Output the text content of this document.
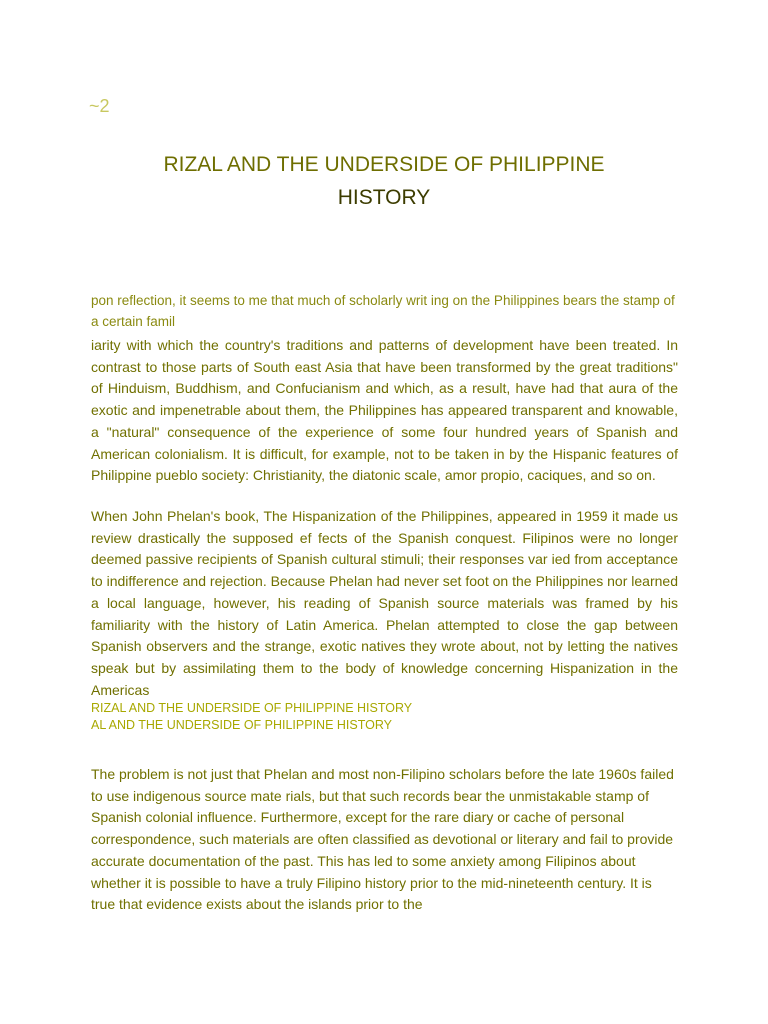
~2
RIZAL AND THE UNDERSIDE OF PHILIPPINE
HISTORY

pon reflection, it seems to me that much of scholarly writ ing on the Philippines bears the stamp of a certain famil

iarity with which the country's traditions and patterns of development have been treated. In contrast to those parts of South east Asia that have been transformed by the great traditions" of Hinduism, Buddhism, and Confucianism and which, as a result, have had that aura of the exotic and impenetrable about them, the Philippines has appeared transparent and knowable, a "natural" consequence of the experience of some four hundred years of Spanish and American colonialism. It is difficult, for example, not to be taken in by the Hispanic features of Philippine pueblo society: Christianity, the diatonic scale, amor propio, caciques, and so on.

When John Phelan's book, The Hispanization of the Philippines, appeared in 1959 it made us review drastically the supposed ef fects of the Spanish conquest. Filipinos were no longer deemed passive recipients of Spanish cultural stimuli; their responses var ied from acceptance to indifference and rejection. Because Phelan had never set foot on the Philippines nor learned a local language, however, his reading of Spanish source materials was framed by his familiarity with the history of Latin America. Phelan attempted to close the gap between Spanish observers and the strange, exotic natives they wrote about, not by letting the natives speak but by assimilating them to the body of knowledge concerning Hispanization in the Americas

RIZAL AND THE UNDERSIDE OF PHILIPPINE HISTORY
AL AND THE UNDERSIDE OF PHILIPPINE HISTORY

The problem is not just that Phelan and most non-Filipino scholars before the late 1960s failed to use indigenous source mate rials, but that such records bear the unmistakable stamp of Spanish colonial influence. Furthermore, except for the rare diary or cache of personal correspondence, such materials are often classified as devotional or literary and fail to provide accurate documentation of the past. This has led to some anxiety among Filipinos about whether it is possible to have a truly Filipino history prior to the mid-nineteenth century. It is true that evidence exists about the islands prior to the
